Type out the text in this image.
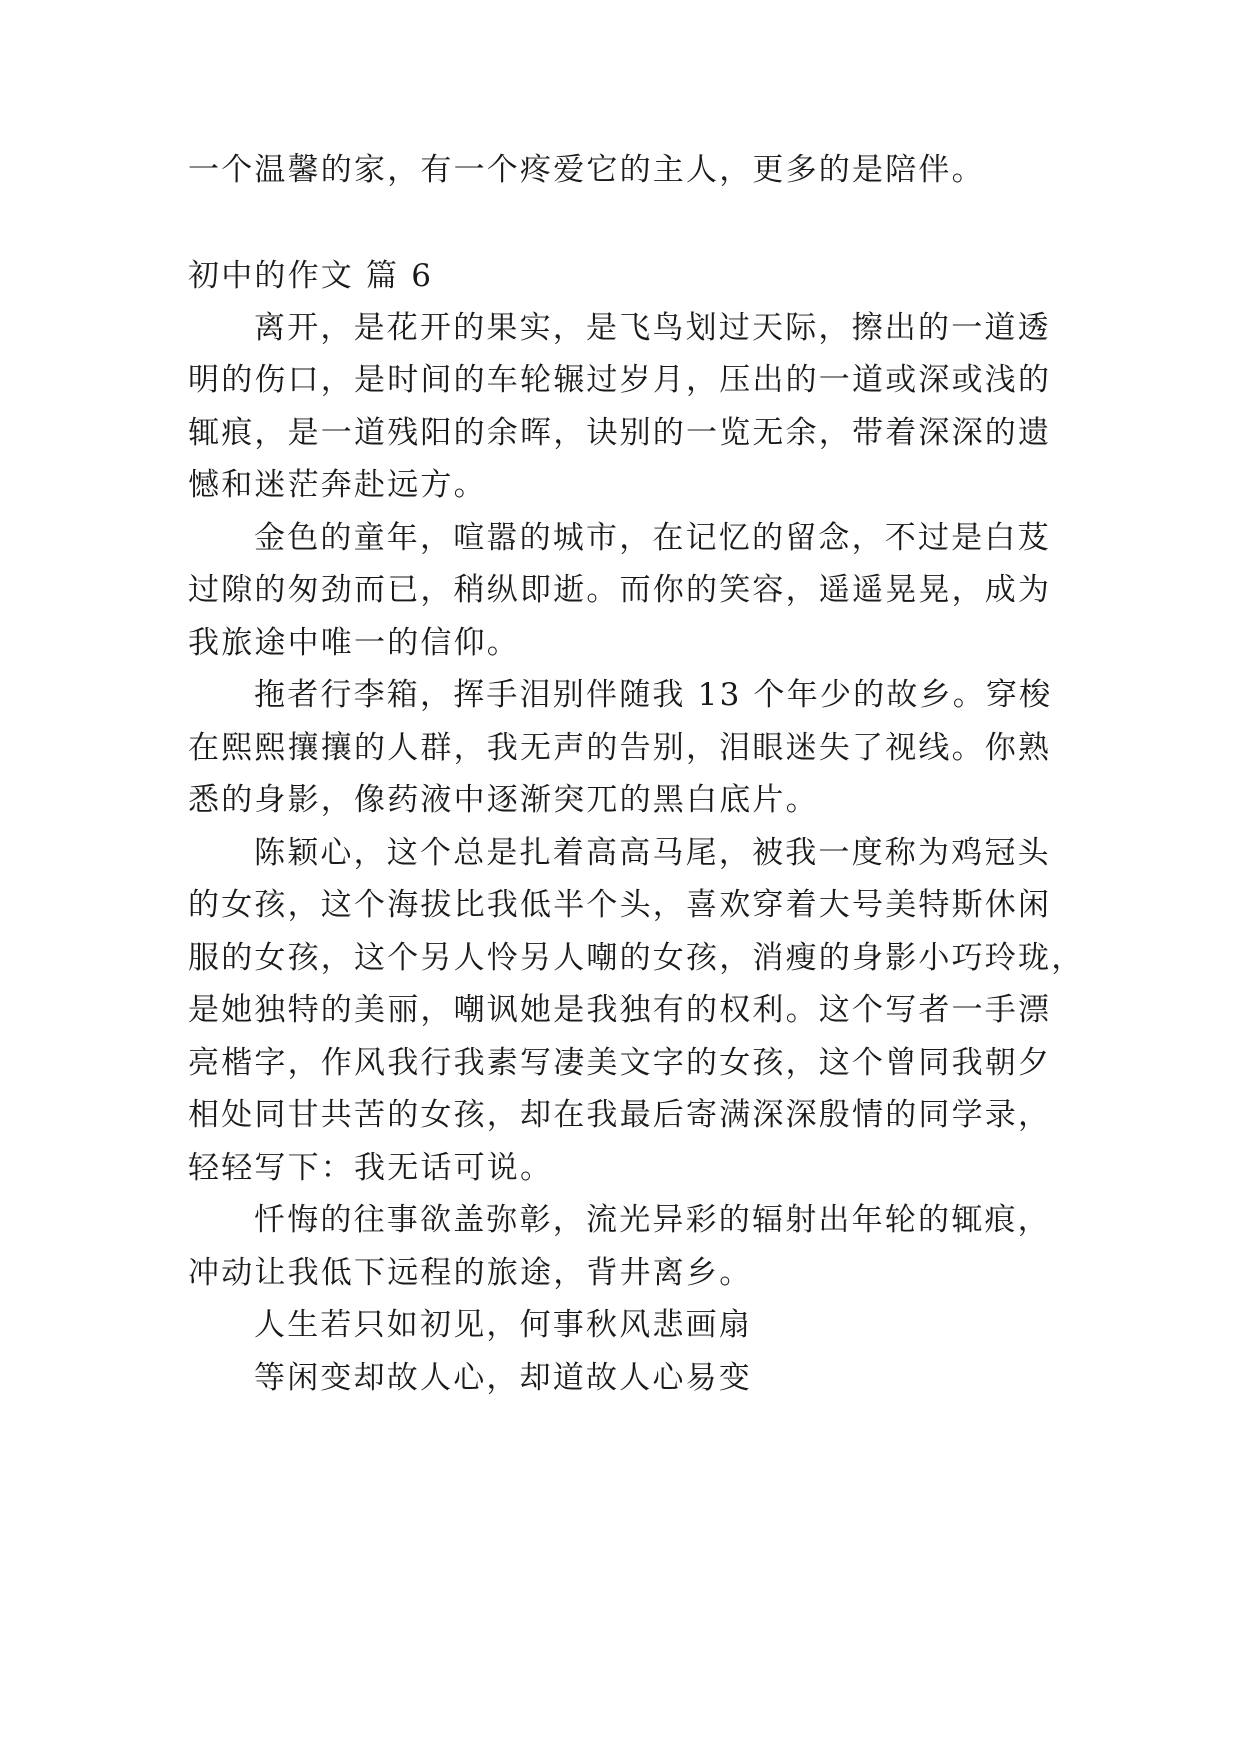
一个温馨的家，有一个疼爱它的主人，更多的是陪伴。

初中的作文 篇 6

离开，是花开的果实，是飞鸟划过天际，擦出的一道透

明的伤口，是时间的车轮辗过岁月，压出的一道或深或浅的

辄痕，是一道残阳的余晖，诀别的一览无余，带着深深的遗

憾和迷茫奔赴远方。

金色的童年，喧嚣的城市，在记忆的留念，不过是白芨

过隙的匆劲而已，稍纵即逝。而你的笑容，遥遥晃晃，成为

我旅途中唯一的信仰。

拖者行李箱，挥手泪别伴随我 13 个年少的故乡。穿梭

在熙熙攘攘的人群，我无声的告别，泪眼迷失了视线。你熟

悉的身影，像药液中逐渐突兀的黑白底片。

陈颖心，这个总是扎着高高马尾，被我一度称为鸡冠头

的女孩，这个海拔比我低半个头，喜欢穿着大号美特斯休闲

服的女孩，这个另人怜另人嘲的女孩，消瘦的身影小巧玲珑，

是她独特的美丽，嘲讽她是我独有的权利。这个写者一手漂

亮楷字，作风我行我素写凄美文字的女孩，这个曾同我朝夕

相处同甘共苦的女孩，却在我最后寄满深深殷情的同学录，

轻轻写下：我无话可说。

忏悔的往事欲盖弥彰，流光异彩的辐射出年轮的辄痕，

冲动让我低下远程的旅途，背井离乡。

人生若只如初见，何事秋风悲画扇

等闲变却故人心，却道故人心易变
